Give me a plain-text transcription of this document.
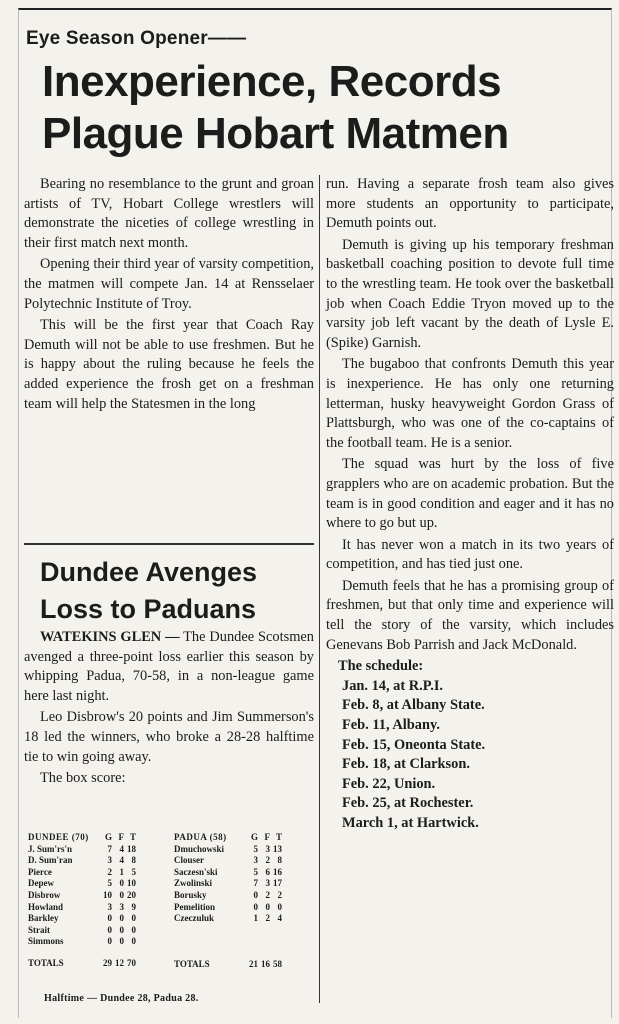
Eye Season Opener——
Inexperience, Records
Plague Hobart Matmen

Bearing no resemblance to the grunt and groan artists of TV, Hobart College wrestlers will demonstrate the niceties of college wrestling in their first match next month.

Opening their third year of varsity competition, the matmen will compete Jan. 14 at Rensselaer Polytechnic Institute of Troy.

This will be the first year that Coach Ray Demuth will not be able to use freshmen. But he is happy about the ruling because he feels the added experience the frosh get on a freshman team will help the Statesmen in the long

run. Having a separate frosh team also gives more students an opportunity to participate, Demuth points out.

Demuth is giving up his temporary freshman basketball coaching position to devote full time to the wrestling team. He took over the basketball job when Coach Eddie Tryon moved up to the varsity job left vacant by the death of Lysle E. (Spike) Garnish.

The bugaboo that confronts Demuth this year is inexperience. He has only one returning letterman, husky heavyweight Gordon Grass of Plattsburgh, who was one of the co-captains of the football team. He is a senior.

The squad was hurt by the loss of five grapplers who are on academic probation. But the team is in good condition and eager and it has no where to go but up.

It has never won a match in its two years of competition, and has tied just one.

Demuth feels that he has a promising group of freshmen, but that only time and experience will tell the story of the varsity, which includes Genevans Bob Parrish and Jack McDonald.

The schedule:
Jan. 14, at R.P.I.
Feb. 8, at Albany State.
Feb. 11, Albany.
Feb. 15, Oneonta State.
Feb. 18, at Clarkson.
Feb. 22, Union.
Feb. 25, at Rochester.
March 1, at Hartwick.
Dundee Avenges
Loss to Paduans

WATEKINS GLEN — The Dundee Scotsmen avenged a three-point loss earlier this season by whipping Padua, 70-58, in a non-league game here last night.

Leo Disbrow's 20 points and Jim Summerson's 18 led the winners, who broke a 28-28 halftime tie to win going away.

The box score:

DUNDEE (70)	G	F	T
J. Sum'rs'n	7	4	18
D. Sum'ran	3	4	8
Pierce	2	1	5
Depew	5	0	10
Disbrow	10	0	20
Howland	3	3	9
Barkley	0	0	0
Strait	0	0	0
Simmons	0	0	0
TOTALS	29	12	70
PADUA (58)	G	F	T
Dmuchowski	5	3	13
Clouser	3	2	8
Saczesn'ski	5	6	16
Zwolinski	7	3	17
Borusky	0	2	2
Pemelition	0	0	0
Czeczuluk	1	2	4
TOTALS	21	16	58
Halftime — Dundee 28, Padua 28.
